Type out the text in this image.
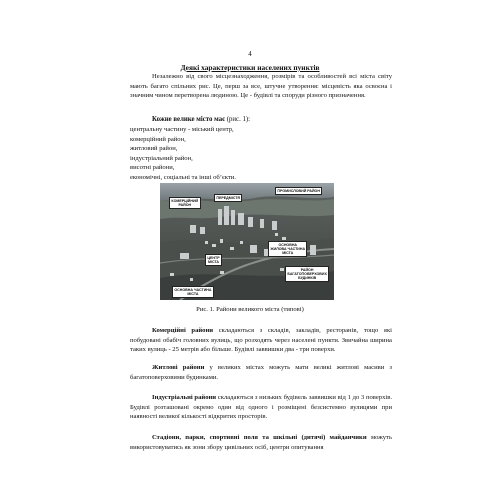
4
Деякі характеристики населених пунктів
Незалежно від свого місцезнаходження, розмірів та особливостей всі міста світу мають багато спільних рис. Це, перш за все, штучне утворення: місцевість яка освоєна і значним чином перетворена людиною. Це - будівлі та споруди різного призначення.
Кожне велике місто має (рис. 1):
центральну частину - міський центр,
комерційний район,
житловий район,
індустріальний район,
висотні райони,
економічні, соціальні та інші об’єкти.
КОМЕРЦІЙНИЙ
РАЙОН
ПЕРЕДМІСТЯ
ПРОМИСЛОВИЙ РАЙОН
ЦЕНТР
МІСТА
ОСНОВНА
ЖИЛОВА ЧАСТИНА
МІСТА
РАЙОН
БАГАТОПОВЕРХОВИХ
БУДИНКІВ
ОСНОВНА ЧАСТИНА
МІСТА
Рис. 1. Райони великого міста (типові)
Комерційні райони складаються з складів, закладів, ресторанів, тощо які побудовані обабіч головних вулиць, що розходять через населені пункти. Звичайна ширина таких вулиць - 25 метрів або більше. Будівлі заввишки два - три поверхи.
Житлові райони у великих містах можуть мати великі житлові масиви з багатоповерховими будинками.
Індустріальні райони складаються з низьких будівель заввишки від 1 до 3 поверхів. Будівлі розташовані окремо один від одного і розміщені безсистемно вулицями при наявності великої кількості відкритих просторів.
Стадіони, парки, спортивні поля та шкільні (дитячі) майданчики можуть використовуватись як зони збору цивільних осіб, центри опитування
